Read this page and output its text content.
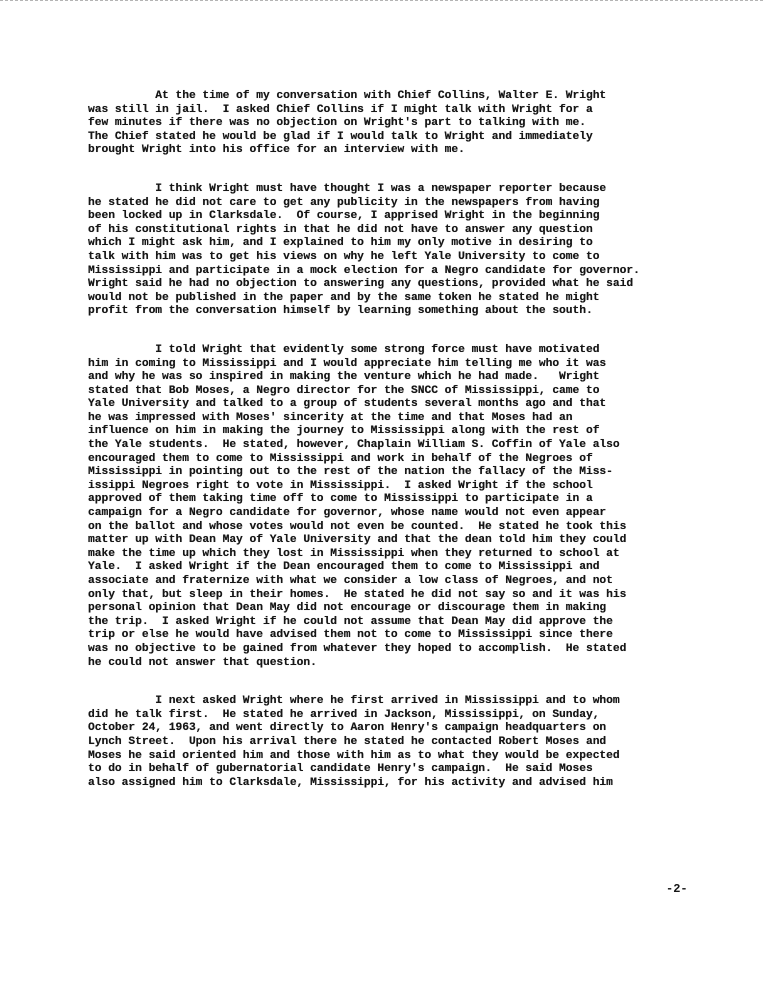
At the time of my conversation with Chief Collins, Walter E. Wright
was still in jail.  I asked Chief Collins if I might talk with Wright for a
few minutes if there was no objection on Wright's part to talking with me.
The Chief stated he would be glad if I would talk to Wright and immediately
brought Wright into his office for an interview with me.

I think Wright must have thought I was a newspaper reporter because
he stated he did not care to get any publicity in the newspapers from having
been locked up in Clarksdale.  Of course, I apprised Wright in the beginning
of his constitutional rights in that he did not have to answer any question
which I might ask him, and I explained to him my only motive in desiring to
talk with him was to get his views on why he left Yale University to come to
Mississippi and participate in a mock election for a Negro candidate for governor.
Wright said he had no objection to answering any questions, provided what he said
would not be published in the paper and by the same token he stated he might
profit from the conversation himself by learning something about the south.

I told Wright that evidently some strong force must have motivated
him in coming to Mississippi and I would appreciate him telling me who it was
and why he was so inspired in making the venture which he had made.   Wright
stated that Bob Moses, a Negro director for the SNCC of Mississippi, came to
Yale University and talked to a group of students several months ago and that
he was impressed with Moses' sincerity at the time and that Moses had an
influence on him in making the journey to Mississippi along with the rest of
the Yale students.  He stated, however, Chaplain William S. Coffin of Yale also
encouraged them to come to Mississippi and work in behalf of the Negroes of
Mississippi in pointing out to the rest of the nation the fallacy of the Miss-
issippi Negroes right to vote in Mississippi.  I asked Wright if the school
approved of them taking time off to come to Mississippi to participate in a
campaign for a Negro candidate for governor, whose name would not even appear
on the ballot and whose votes would not even be counted.  He stated he took this
matter up with Dean May of Yale University and that the dean told him they could
make the time up which they lost in Mississippi when they returned to school at
Yale.  I asked Wright if the Dean encouraged them to come to Mississippi and
associate and fraternize with what we consider a low class of Negroes, and not
only that, but sleep in their homes.  He stated he did not say so and it was his
personal opinion that Dean May did not encourage or discourage them in making
the trip.  I asked Wright if he could not assume that Dean May did approve the
trip or else he would have advised them not to come to Mississippi since there
was no objective to be gained from whatever they hoped to accomplish.  He stated
he could not answer that question.

I next asked Wright where he first arrived in Mississippi and to whom
did he talk first.  He stated he arrived in Jackson, Mississippi, on Sunday,
October 24, 1963, and went directly to Aaron Henry's campaign headquarters on
Lynch Street.  Upon his arrival there he stated he contacted Robert Moses and
Moses he said oriented him and those with him as to what they would be expected
to do in behalf of gubernatorial candidate Henry's campaign.  He said Moses
also assigned him to Clarksdale, Mississippi, for his activity and advised him

-2-
